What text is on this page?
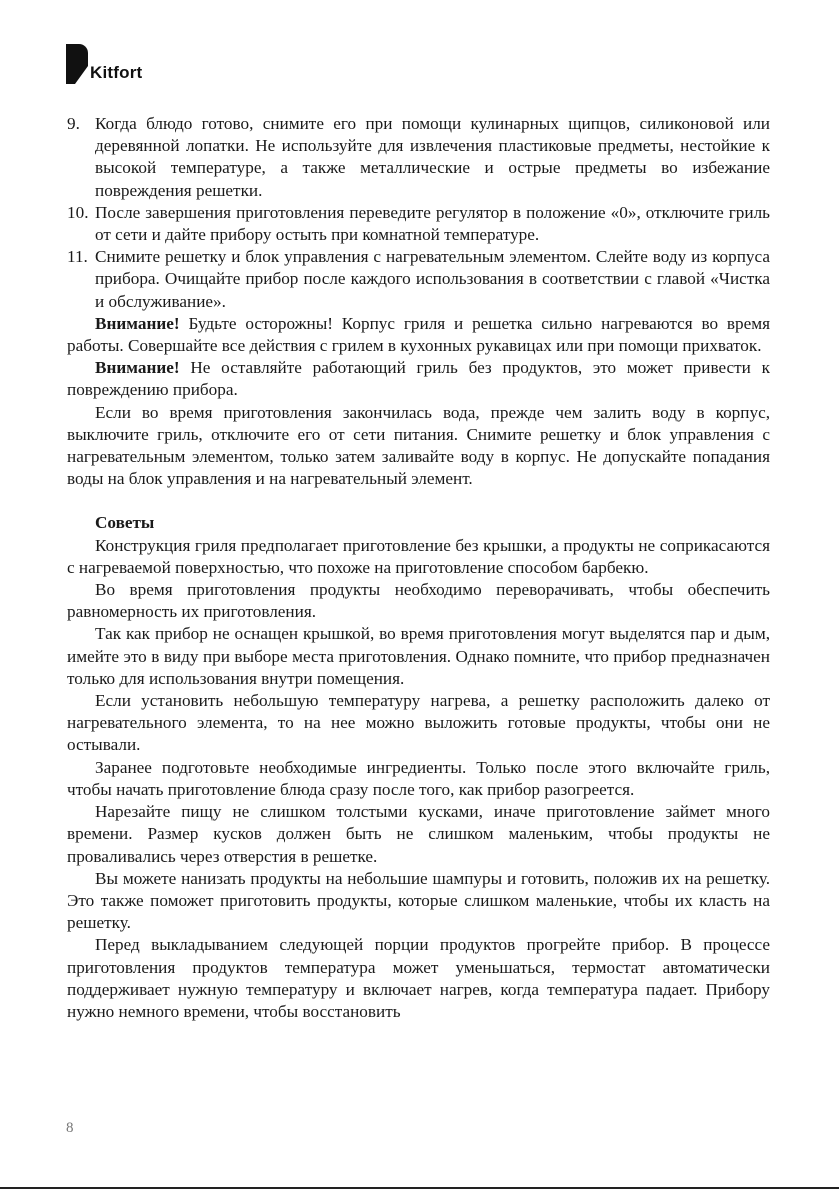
Kitfort
9. Когда блюдо готово, снимите его при помощи кулинарных щипцов, силиконовой или деревянной лопатки. Не используйте для извлечения пластиковые предметы, нестойкие к высокой температуре, а также металлические и острые предметы во избежание повреждения решетки.
10. После завершения приготовления переведите регулятор в положение «0», отключите гриль от сети и дайте прибору остыть при комнатной температуре.
11. Снимите решетку и блок управления с нагревательным элементом. Слейте воду из корпуса прибора. Очищайте прибор после каждого использования в соответствии с главой «Чистка и обслуживание».
Внимание! Будьте осторожны! Корпус гриля и решетка сильно нагреваются во время работы. Совершайте все действия с грилем в кухонных рукавицах или при помощи прихваток.
Внимание! Не оставляйте работающий гриль без продуктов, это может привести к повреждению прибора.
Если во время приготовления закончилась вода, прежде чем залить воду в корпус, выключите гриль, отключите его от сети питания. Снимите решетку и блок управления с нагревательным элементом, только затем заливайте воду в корпус. Не допускайте попадания воды на блок управления и на нагревательный элемент.
Советы
Конструкция гриля предполагает приготовление без крышки, а продукты не соприкасаются с нагреваемой поверхностью, что похоже на приготовление способом барбекю.
Во время приготовления продукты необходимо переворачивать, чтобы обеспечить равномерность их приготовления.
Так как прибор не оснащен крышкой, во время приготовления могут выделятся пар и дым, имейте это в виду при выборе места приготовления. Однако помните, что прибор предназначен только для использования внутри помещения.
Если установить небольшую температуру нагрева, а решетку расположить далеко от нагревательного элемента, то на нее можно выложить готовые продукты, чтобы они не остывали.
Заранее подготовьте необходимые ингредиенты. Только после этого включайте гриль, чтобы начать приготовление блюда сразу после того, как прибор разогреется.
Нарезайте пищу не слишком толстыми кусками, иначе приготовление займет много времени. Размер кусков должен быть не слишком маленьким, чтобы продукты не проваливались через отверстия в решетке.
Вы можете нанизать продукты на небольшие шампуры и готовить, положив их на решетку. Это также поможет приготовить продукты, которые слишком маленькие, чтобы их класть на решетку.
Перед выкладыванием следующей порции продуктов прогрейте прибор. В процессе приготовления продуктов температура может уменьшаться, термостат автоматически поддерживает нужную температуру и включает нагрев, когда температура падает. Прибору нужно немного времени, чтобы восстановить
8
